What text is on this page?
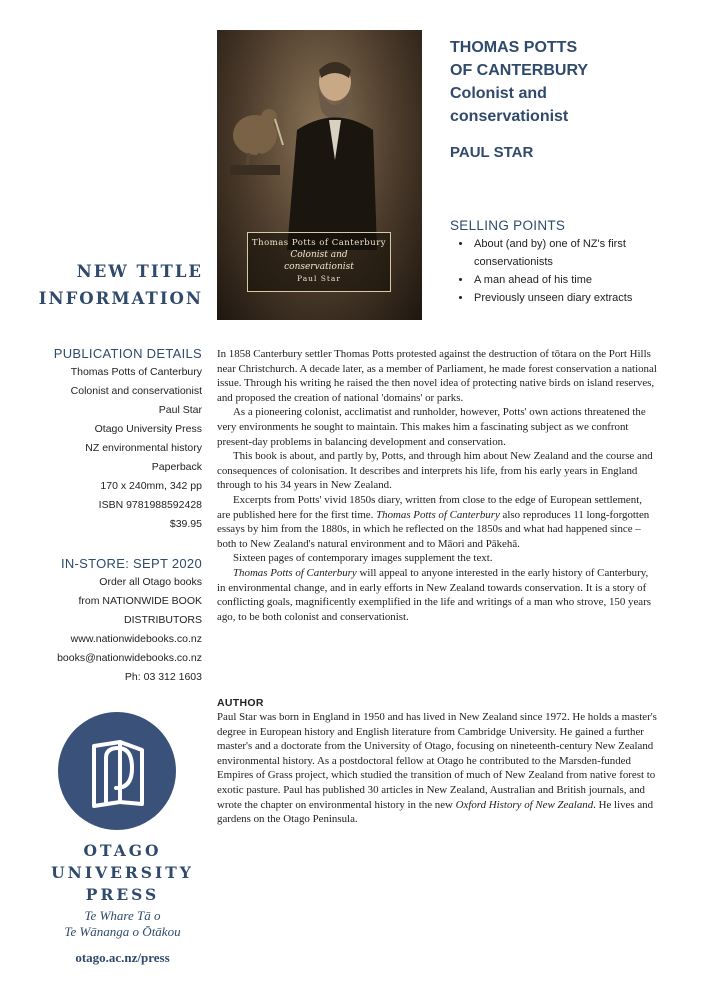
Thomas Potts of Canterbury
Colonist and
conservationist
Paul Star
THOMAS POTTS
OF CANTERBURY
Colonist and
conservationist
PAUL STAR
SELLING POINTS
• About (and by) one of NZ's first conservationists
• A man ahead of his time
• Previously unseen diary extracts
NEW TITLE
INFORMATION
PUBLICATION DETAILS
Thomas Potts of Canterbury
Colonist and conservationist
Paul Star
Otago University Press
NZ environmental history
Paperback
170 x 240mm, 342 pp
ISBN 9781988592428
$39.95
IN-STORE: SEPT 2020
Order all Otago books
from NATIONWIDE BOOK
DISTRIBUTORS
www.nationwidebooks.co.nz
books@nationwidebooks.co.nz
Ph: 03 312 1603

In 1858 Canterbury settler Thomas Potts protested against the destruction of tōtara on the Port Hills near Christchurch. A decade later, as a member of Parliament, he made forest conservation a national issue. Through his writing he raised the then novel idea of protecting native birds on island reserves, and proposed the creation of national 'domains' or parks.

As a pioneering colonist, acclimatist and runholder, however, Potts' own actions threatened the very environments he sought to maintain. This makes him a fascinating subject as we confront present-day problems in balancing development and conservation.

This book is about, and partly by, Potts, and through him about New Zealand and the course and consequences of colonisation. It describes and interprets his life, from his early years in England through to his 34 years in New Zealand.

Excerpts from Potts' vivid 1850s diary, written from close to the edge of European settlement, are published here for the first time. Thomas Potts of Canterbury also reproduces 11 long-forgotten essays by him from the 1880s, in which he reflected on the 1850s and what had happened since – both to New Zealand's natural environment and to Māori and Pākehā.

Sixteen pages of contemporary images supplement the text.

Thomas Potts of Canterbury will appeal to anyone interested in the early history of Canterbury, in environmental change, and in early efforts in New Zealand towards conservation. It is a story of conflicting goals, magnificently exemplified in the life and writings of a man who strove, 150 years ago, to be both colonist and conservationist.

AUTHOR
Paul Star was born in England in 1950 and has lived in New Zealand since 1972. He holds a master's degree in European history and English literature from Cambridge University. He gained a further master's and a doctorate from the University of Otago, focusing on nineteenth-century New Zealand environmental history. As a postdoctoral fellow at Otago he contributed to the Marsden-funded Empires of Grass project, which studied the transition of much of New Zealand from native forest to exotic pasture. Paul has published 30 articles in New Zealand, Australian and British journals, and wrote the chapter on environmental history in the new Oxford History of New Zealand. He lives and gardens on the Otago Peninsula.
OTAGO
UNIVERSITY
PRESS
Te Whare Tā o
Te Wānanga o Ōtākou
otago.ac.nz/press
